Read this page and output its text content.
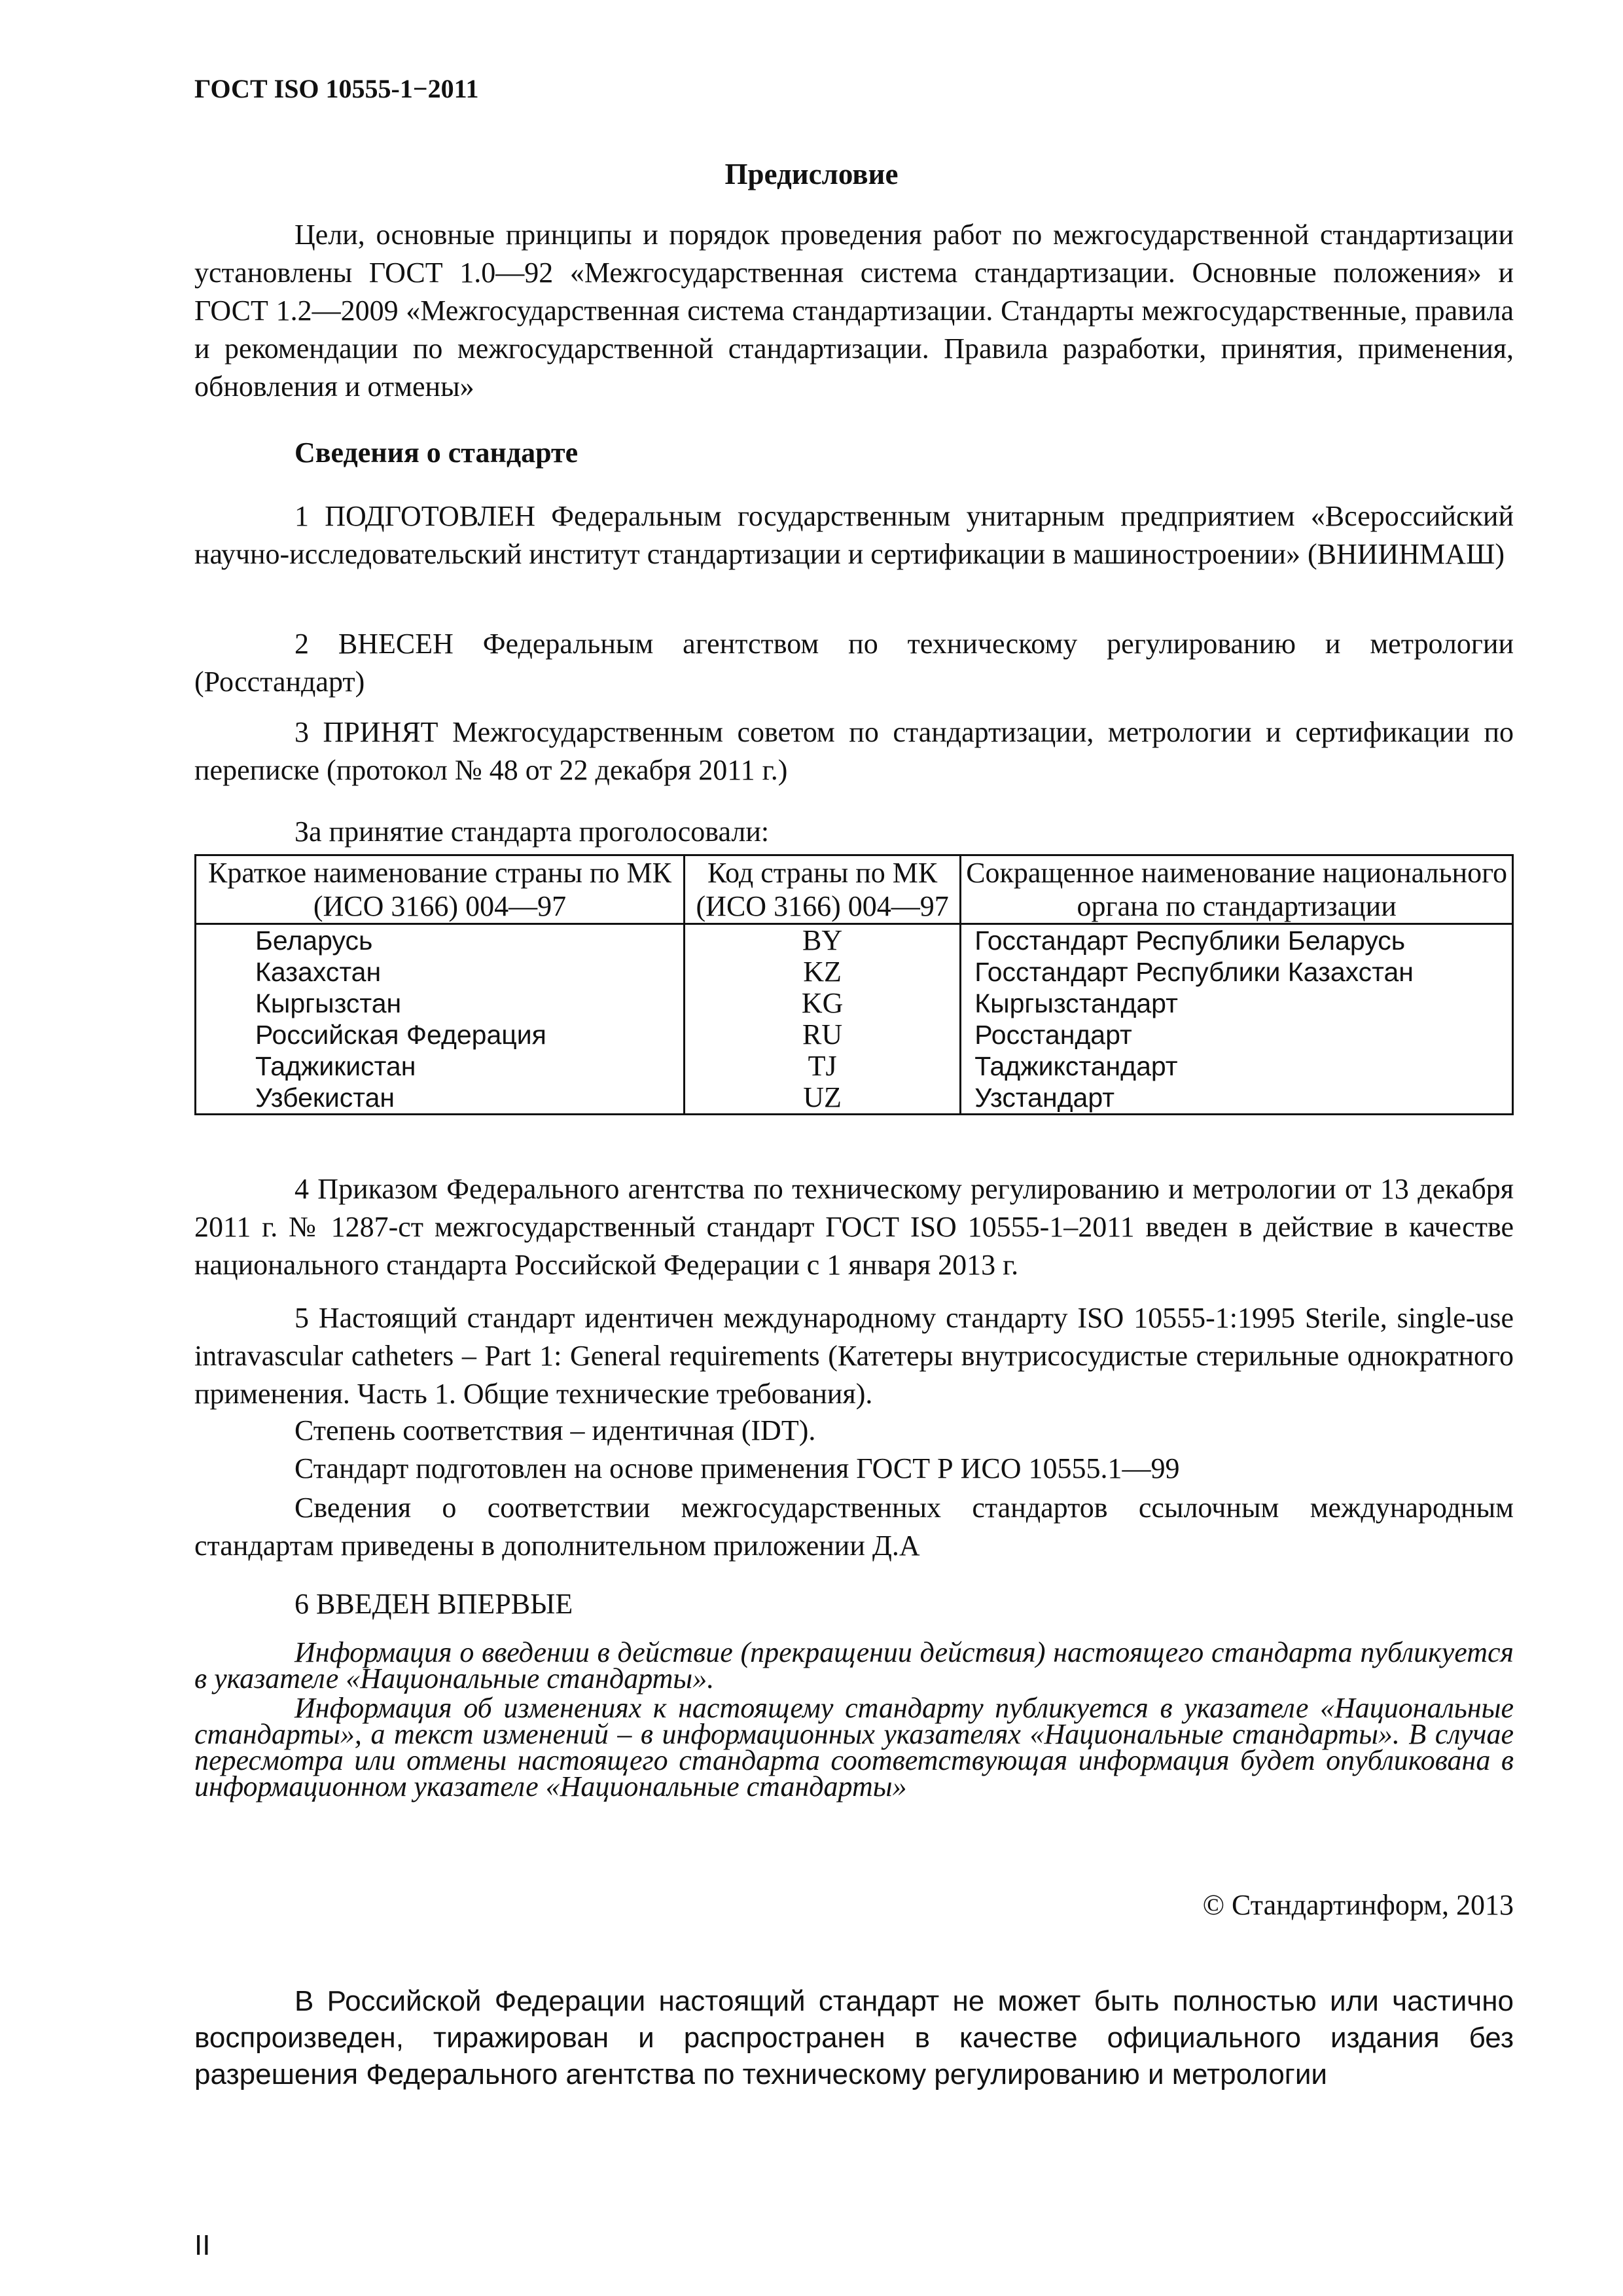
ГОСТ ISO 10555-1−2011
Предисловие
Цели, основные принципы и порядок проведения работ по межгосударственной стандартизации установлены ГОСТ 1.0—92 «Межгосударственная система стандартизации. Основные положения» и ГОСТ 1.2—2009 «Межгосударственная система стандартизации. Стандарты межгосударственные, правила и рекомендации по межгосударственной стандартизации. Правила разработки, принятия, применения, обновления и отмены»
Сведения о стандарте
1 ПОДГОТОВЛЕН Федеральным государственным унитарным предприятием «Всероссийский научно-исследовательский институт стандартизации и сертификации в машиностроении» (ВНИИНМАШ)
2 ВНЕСЕН Федеральным агентством по техническому регулированию и метрологии (Росстандарт)
3 ПРИНЯТ Межгосударственным советом по стандартизации, метрологии и сертификации по переписке (протокол № 48 от 22 декабря 2011 г.)
За принятие стандарта проголосовали:
Краткое наименование страны по МК (ИСО 3166) 004—97	Код страны по МК (ИСО 3166) 004—97	Сокращенное наименование национального органа по стандартизации
Беларусь	BY	Госстандарт Республики Беларусь
Казахстан	KZ	Госстандарт Республики Казахстан
Кыргызстан	KG	Кыргызстандарт
Российская Федерация	RU	Росстандарт
Таджикистан	TJ	Таджикстандарт
Узбекистан	UZ	Узстандарт
4 Приказом Федерального агентства по техническому регулированию и метрологии от 13 декабря 2011 г. № 1287-ст межгосударственный стандарт ГОСТ ISO 10555-1–2011 введен в действие в качестве национального стандарта Российской Федерации с 1 января 2013 г.
5 Настоящий стандарт идентичен международному стандарту ISO 10555-1:1995 Sterile, single-use intravascular catheters – Part 1: General requirements (Катетеры внутрисосудистые стерильные однократного применения. Часть 1. Общие технические требования).
Степень соответствия – идентичная (IDT).
Стандарт подготовлен на основе применения ГОСТ Р ИСО 10555.1—99
Сведения о соответствии межгосударственных стандартов ссылочным международным стандартам приведены в дополнительном приложении Д.А
6 ВВЕДЕН ВПЕРВЫЕ
Информация о введении в действие (прекращении действия) настоящего стандарта публикуется в указателе «Национальные стандарты».
Информация об изменениях к настоящему стандарту публикуется в указателе «Национальные стандарты», а текст изменений – в информационных указателях «Национальные стандарты». В случае пересмотра или отмены настоящего стандарта соответствующая информация будет опубликована в информационном указателе «Национальные стандарты»
© Стандартинформ, 2013
В Российской Федерации настоящий стандарт не может быть полностью или частично воспроизведен, тиражирован и распространен в качестве официального издания без разрешения Федерального агентства по техническому регулированию и метрологии
II
